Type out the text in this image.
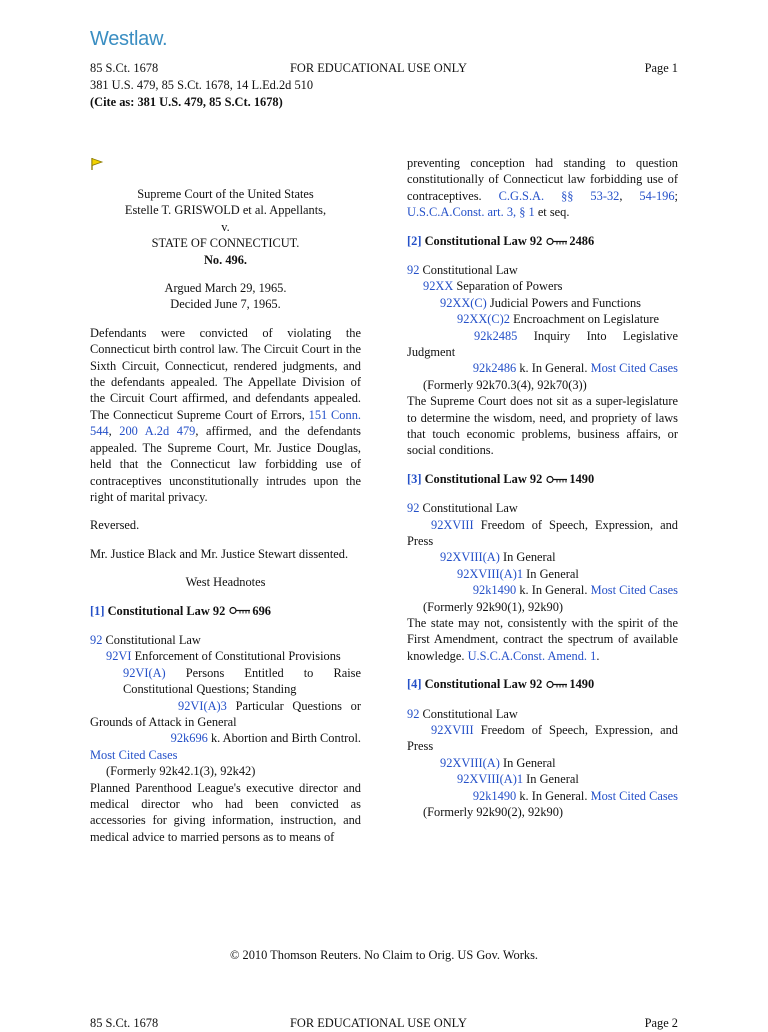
Westlaw.
85 S.Ct. 1678	FOR EDUCATIONAL USE ONLY	Page 1
381 U.S. 479, 85 S.Ct. 1678, 14 L.Ed.2d 510
(Cite as: 381 U.S. 479, 85 S.Ct. 1678)
Supreme Court of the United States
Estelle T. GRISWOLD et al. Appellants,
v.
STATE OF CONNECTICUT.
No. 496.
Argued March 29, 1965.
Decided June 7, 1965.

Defendants were convicted of violating the Connecticut birth control law. The Circuit Court in the Sixth Circuit, Connecticut, rendered judgments, and the defendants appealed. The Appellate Division of the Circuit Court affirmed, and defendants appealed. The Connecticut Supreme Court of Errors, 151 Conn. 544, 200 A.2d 479, affirmed, and the defendants appealed. The Supreme Court, Mr. Justice Douglas, held that the Connecticut law forbidding use of contraceptives unconstitutionally intrudes upon the right of marital privacy.

Reversed.

Mr. Justice Black and Mr. Justice Stewart dissented.

West Headnotes
[1] Constitutional Law 92 696
92 Constitutional Law
92VI Enforcement of Constitutional Provisions
92VI(A) Persons Entitled to Raise Constitutional Questions; Standing
92VI(A)3 Particular Questions or Grounds of Attack in General
92k696 k. Abortion and Birth Control.
Most Cited Cases
(Formerly 92k42.1(3), 92k42)

Planned Parenthood League's executive director and medical director who had been convicted as accessories for giving information, instruction, and medical advice to married persons as to means of

preventing conception had standing to question constitutionally of Connecticut law forbidding use of contraceptives. C.G.S.A. §§ 53-32, 54-196; U.S.C.A.Const. art. 3, § 1 et seq.

[2] Constitutional Law 92 2486
92 Constitutional Law
92XX Separation of Powers
92XX(C) Judicial Powers and Functions
92XX(C)2 Encroachment on Legislature
92k2485 Inquiry Into Legislative Judgment
92k2486 k. In General. Most Cited Cases
(Formerly 92k70.3(4), 92k70(3))

The Supreme Court does not sit as a super-legislature to determine the wisdom, need, and propriety of laws that touch economic problems, business affairs, or social conditions.

[3] Constitutional Law 92 1490
92 Constitutional Law
92XVIII Freedom of Speech, Expression, and Press
92XVIII(A) In General
92XVIII(A)1 In General
92k1490 k. In General. Most Cited Cases
(Formerly 92k90(1), 92k90)

The state may not, consistently with the spirit of the First Amendment, contract the spectrum of available knowledge. U.S.C.A.Const. Amend. 1.

[4] Constitutional Law 92 1490
92 Constitutional Law
92XVIII Freedom of Speech, Expression, and Press
92XVIII(A) In General
92XVIII(A)1 In General
92k1490 k. In General. Most Cited Cases
(Formerly 92k90(2), 92k90)
© 2010 Thomson Reuters. No Claim to Orig. US Gov. Works.
85 S.Ct. 1678	FOR EDUCATIONAL USE ONLY	Page 2
